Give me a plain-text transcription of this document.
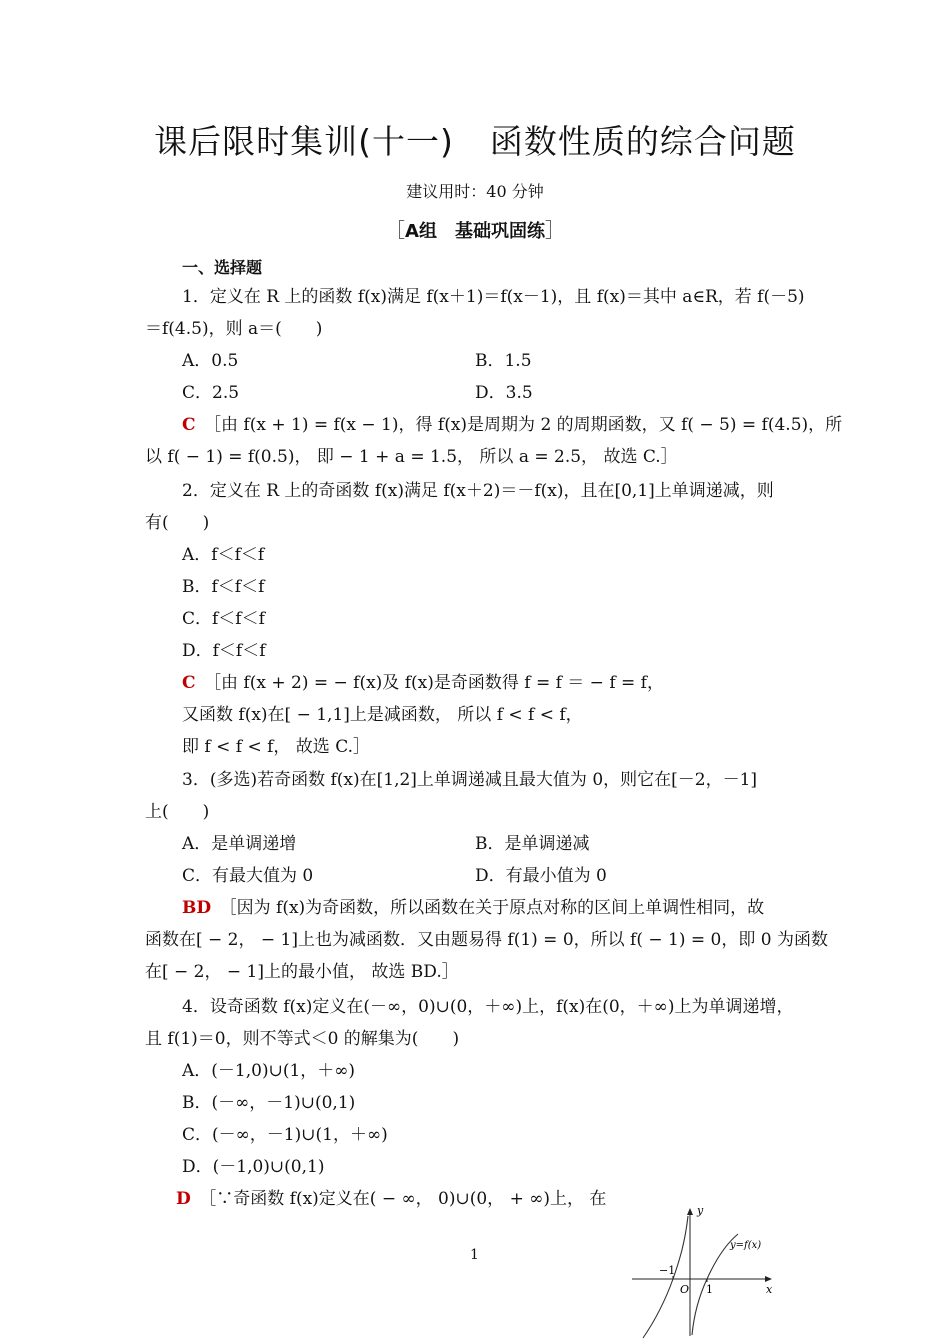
课后限时集训(十一) 函数性质的综合问题
建议用时：40 分钟
［A组　基础巩固练］
一、选择题
1．定义在 R 上的函数 f(x)满足 f(x＋1)＝f(x－1)，且 f(x)＝其中 a∈R，若 f(－5)
＝f(4.5)，则 a＝(　　)
A．0.5	B．1.5
C．2.5	D．3.5
C　 ［由 f(x + 1) = f(x − 1)，得 f(x)是周期为 2 的周期函数，又 f( − 5) = f(4.5)，所
以 f( − 1) = f(0.5)， 即 − 1 + a = 1.5， 所以 a = 2.5， 故选 C.］
2．定义在 R 上的奇函数 f(x)满足 f(x＋2)＝－f(x)，且在[0,1]上单调递减，则
有(　　)
A．f＜f＜f
B．f＜f＜f
C．f＜f＜f
D．f＜f＜f
C　 ［由 f(x + 2) = − f(x)及 f(x)是奇函数得 f = f ＝ − f = f，
又函数 f(x)在[ − 1,1]上是减函数， 所以 f < f < f，
即 f < f < f， 故选 C.］
3．(多选)若奇函数 f(x)在[1,2]上单调递减且最大值为 0，则它在[－2，－1]
上(　　)
A．是单调递增	B．是单调递减
C．有最大值为 0	D．有最小值为 0
BD　 ［因为 f(x)为奇函数，所以函数在关于原点对称的区间上单调性相同，故
函数在[ − 2， − 1]上也为减函数．又由题易得 f(1) = 0，所以 f( − 1) = 0，即 0 为函数
在[ − 2， − 1]上的最小值， 故选 BD.］
4．设奇函数 f(x)定义在(－∞，0)∪(0，＋∞)上，f(x)在(0，＋∞)上为单调递增，
且 f(1)＝0，则不等式＜0 的解集为(　　)
A．(－1,0)∪(1，＋∞)
B．(－∞，－1)∪(0,1)
C．(－∞，－1)∪(1，＋∞)
D．(－1,0)∪(0,1)
D　 ［∵奇函数 f(x)定义在( − ∞， 0)∪(0， + ∞)上， 在
y
x
y=f(x)
O
−1
1
1
